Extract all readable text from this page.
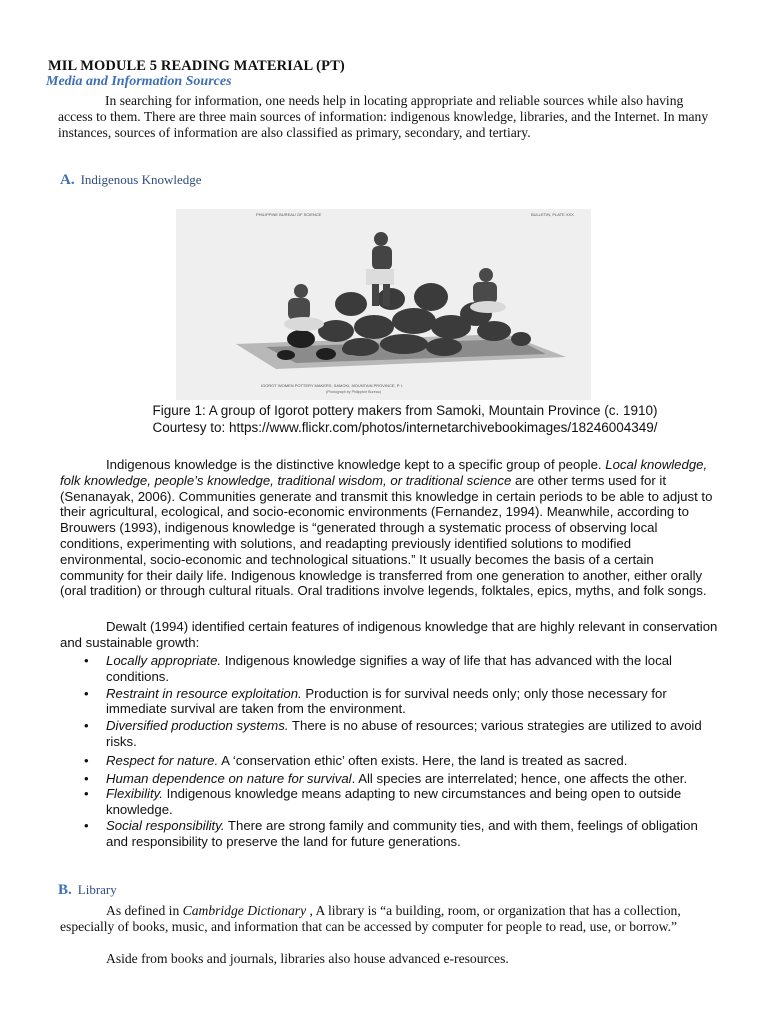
MIL MODULE 5 READING MATERIAL (PT)
Media and Information Sources
In searching for information, one needs help in locating appropriate and reliable sources while also having access to them. There are three main sources of information: indigenous knowledge, libraries, and the Internet. In many instances, sources of information are also classified as primary, secondary, and tertiary.
A. Indigenous Knowledge
PHILIPPINE BUREAU OF SCIENCE	BULLETIN, PLATE XXX
IGOROT WOMEN POTTERY MAKERS, SAMOKI, MOUNTAIN PROVINCE, P. I.
(Photograph by Philippine Bureau)
Figure 1: A group of Igorot pottery makers from Samoki, Mountain Province (c. 1910)
Courtesy to: https://www.flickr.com/photos/internetarchivebookimages/18246004349/
Indigenous knowledge is the distinctive knowledge kept to a specific group of people. Local knowledge, folk knowledge, people’s knowledge, traditional wisdom, or traditional science are other terms used for it (Senanayak, 2006). Communities generate and transmit this knowledge in certain periods to be able to adjust to their agricultural, ecological, and socio-economic environments (Fernandez, 1994). Meanwhile, according to Brouwers (1993), indigenous knowledge is “generated through a systematic process of observing local conditions, experimenting with solutions, and readapting previously identified solutions to modified environmental, socio-economic and technological situations.” It usually becomes the basis of a certain community for their daily life. Indigenous knowledge is transferred from one generation to another, either orally (oral tradition) or through cultural rituals. Oral traditions involve legends, folktales, epics, myths, and folk songs.
Dewalt (1994) identified certain features of indigenous knowledge that are highly relevant in conservation and sustainable growth:
• Locally appropriate. Indigenous knowledge signifies a way of life that has advanced with the local conditions.
• Restraint in resource exploitation. Production is for survival needs only; only those necessary for immediate survival are taken from the environment.
• Diversified production systems. There is no abuse of resources; various strategies are utilized to avoid risks.
• Respect for nature. A ‘conservation ethic’ often exists. Here, the land is treated as sacred.
• Human dependence on nature for survival. All species are interrelated; hence, one affects the other.
• Flexibility. Indigenous knowledge means adapting to new circumstances and being open to outside knowledge.
• Social responsibility. There are strong family and community ties, and with them, feelings of obligation and responsibility to preserve the land for future generations.
B. Library
As defined in Cambridge Dictionary , A library is “a building, room, or organization that has a collection, especially of books, music, and information that can be accessed by computer for people to read, use, or borrow.”
Aside from books and journals, libraries also house advanced e-resources.
